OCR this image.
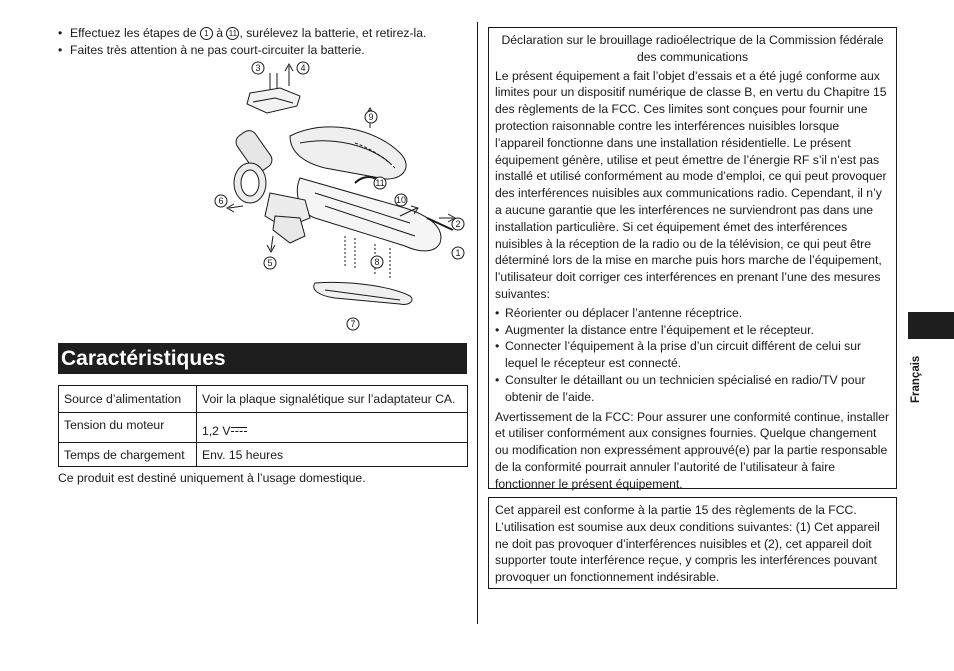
• Effectuez les étapes de 1 à 11 , surélevez la batterie, et retirez-la.
• Faites très attention à ne pas court-circuiter la batterie.
3	4
9
11
10
6
2
1
5	8
7
Caractéristiques
Source d’alimentation	Voir la plaque signalétique sur l’adaptateur CA.
Tension du moteur	1,2 V
Temps de chargement	Env. 15 heures
Ce produit est destiné uniquement à l’usage domestique.

Déclaration sur le brouillage radioélectrique de la Commission fédérale des communications

Le présent équipement a fait l’objet d’essais et a été jugé conforme aux limites pour un dispositif numérique de classe B, en vertu du Chapitre 15 des règlements de la FCC. Ces limites sont conçues pour fournir une protection raisonnable contre les interférences nuisibles lorsque l’appareil fonctionne dans une installation résidentielle. Le présent équipement génère, utilise et peut émettre de l’énergie RF s’il n’est pas installé et utilisé conformément au mode d’emploi, ce qui peut provoquer des interférences nuisibles aux communications radio. Cependant, il n’y a aucune garantie que les interférences ne surviendront pas dans une installation particulière. Si cet équipement émet des interférences nuisibles à la réception de la radio ou de la télévision, ce qui peut être déterminé lors de la mise en marche puis hors marche de l’équipement, l’utilisateur doit corriger ces interférences en prenant l’une des mesures suivantes:

• Réorienter ou déplacer l’antenne réceptrice.
• Augmenter la distance entre l’équipement et le récepteur.
• Connecter l’équipement à la prise d’un circuit différent de celui sur lequel le récepteur est connecté.
• Consulter le détaillant ou un technicien spécialisé en radio/TV pour obtenir de l’aide.

Avertissement de la FCC: Pour assurer une conformité continue, installer et utiliser conformément aux consignes fournies. Quelque changement ou modification non expressément approuvé(e) par la partie responsable de la conformité pourrait annuler l’autorité de l’utilisateur à faire fonctionner le présent équipement.

Cet appareil est conforme à la partie 15 des règlements de la FCC. L’utilisation est soumise aux deux conditions suivantes: (1) Cet appareil ne doit pas provoquer d’interférences nuisibles et (2), cet appareil doit supporter toute interférence reçue, y compris les interférences pouvant provoquer un fonctionnement indésirable.

Français
